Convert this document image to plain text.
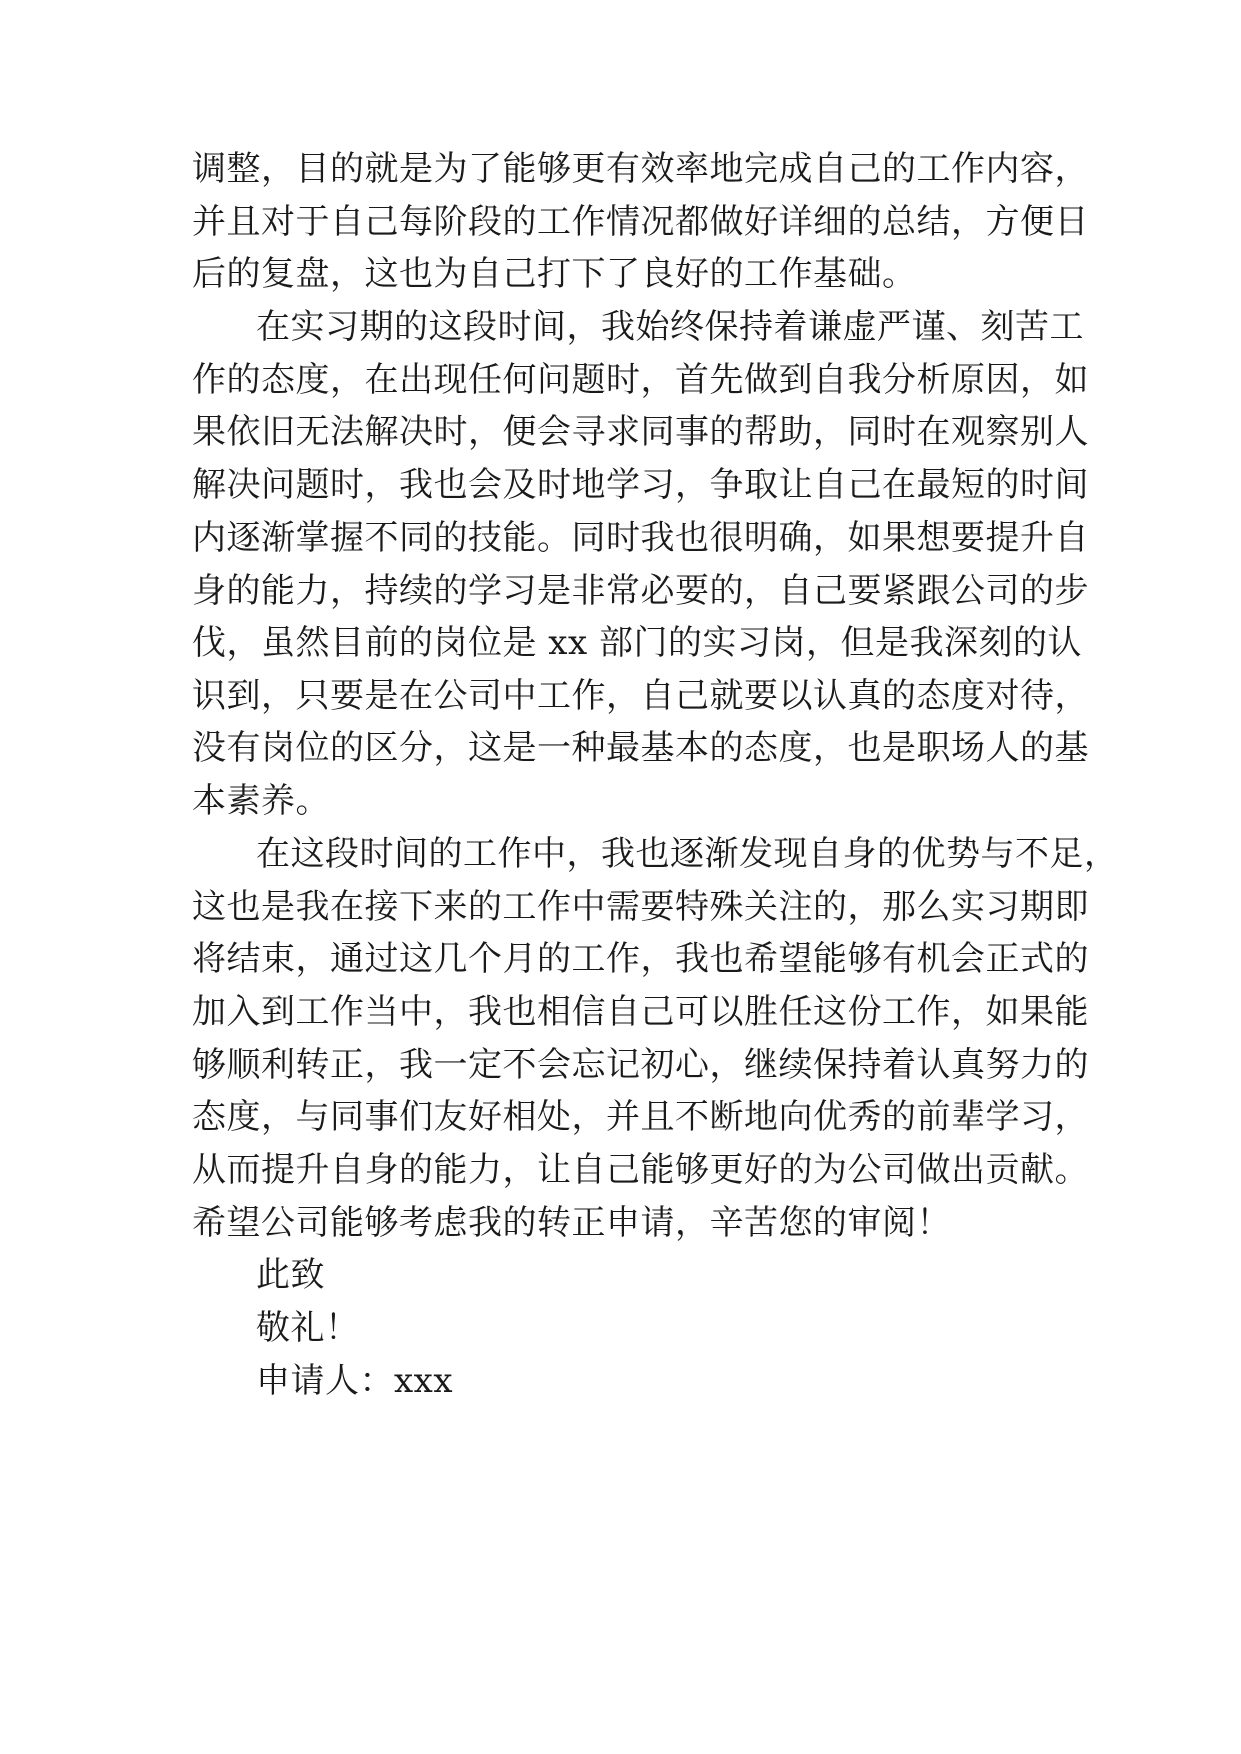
调整，目的就是为了能够更有效率地完成自己的工作内容，
并且对于自己每阶段的工作情况都做好详细的总结，方便日
后的复盘，这也为自己打下了良好的工作基础。
在实习期的这段时间，我始终保持着谦虚严谨、刻苦工
作的态度，在出现任何问题时，首先做到自我分析原因，如
果依旧无法解决时，便会寻求同事的帮助，同时在观察别人
解决问题时，我也会及时地学习，争取让自己在最短的时间
内逐渐掌握不同的技能。同时我也很明确，如果想要提升自
身的能力，持续的学习是非常必要的，自己要紧跟公司的步
伐，虽然目前的岗位是 xx 部门的实习岗，但是我深刻的认
识到，只要是在公司中工作，自己就要以认真的态度对待，
没有岗位的区分，这是一种最基本的态度，也是职场人的基
本素养。
在这段时间的工作中，我也逐渐发现自身的优势与不足，
这也是我在接下来的工作中需要特殊关注的，那么实习期即
将结束，通过这几个月的工作，我也希望能够有机会正式的
加入到工作当中，我也相信自己可以胜任这份工作，如果能
够顺利转正，我一定不会忘记初心，继续保持着认真努力的
态度，与同事们友好相处，并且不断地向优秀的前辈学习，
从而提升自身的能力，让自己能够更好的为公司做出贡献。
希望公司能够考虑我的转正申请，辛苦您的审阅！
此致
敬礼！
申请人：xxx
